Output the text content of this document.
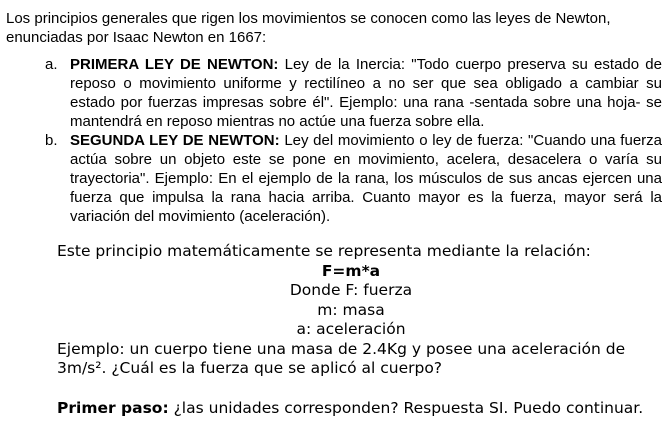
Los principios generales que rigen los movimientos se conocen como las leyes de Newton, enunciadas por Isaac Newton en 1667:

a. PRIMERA LEY DE NEWTON: Ley de la Inercia: "Todo cuerpo preserva su estado de reposo o movimiento uniforme y rectilíneo a no ser que sea obligado a cambiar su estado por fuerzas impresas sobre él". Ejemplo: una rana -sentada sobre una hoja- se mantendrá en reposo mientras no actúe una fuerza sobre ella.
b. SEGUNDA LEY DE NEWTON: Ley del movimiento o ley de fuerza: "Cuando una fuerza actúa sobre un objeto este se pone en movimiento, acelera, desacelera o varía su trayectoria". Ejemplo: En el ejemplo de la rana, los músculos de sus ancas ejercen una fuerza que impulsa la rana hacia arriba. Cuanto mayor es la fuerza, mayor será la variación del movimiento (aceleración).

Este principio matemáticamente se representa mediante la relación:

F=m*a

Donde F: fuerza

m: masa

a: aceleración

Ejemplo: un cuerpo tiene una masa de 2.4Kg y posee una aceleración de 3m/s². ¿Cuál es la fuerza que se aplicó al cuerpo?

Primer paso: ¿las unidades corresponden? Respuesta SI. Puedo continuar.
